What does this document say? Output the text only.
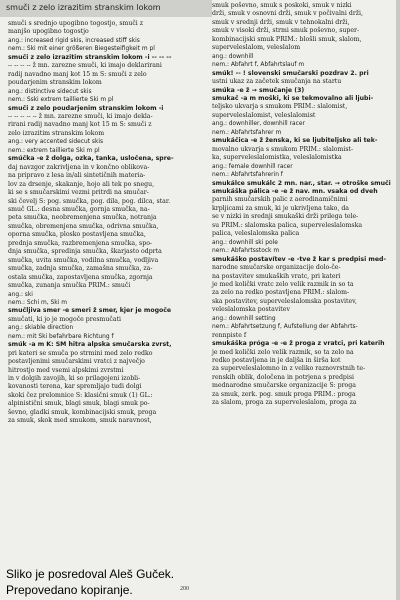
smuči z zelo izrazitim stranskim lokom
smuči s srednjo upogibno togostjo, smuči z
manjšo upogibno togostjo
ang.: increased rigid skis, increased stiff skis
nem.: Ski mit einer größeren Biegesteifigkeit m pl
smuči z zelo izrazitim stranskim lokom -i -- -- --
-- -- -- -- ž mn. zarezne smuči, ki imajo deklarirani
radij navadno manj kot 15 m S: smuči z zelo
poudarjenim stranskim lokom
ang.: distinctive sidecut skis
nem.: Sski extrem taillierte Ski m pl
smuči z zelo poudarjenim stranskim lokom -i
-- -- -- -- -- ž mn. zarezne smuči, ki imajo dekla-
rirani radij navadno manj kot 15 m S: smuči z
zelo izrazitim stranskim lokom
ang.: very accented sidecut skis
nem.: extrem taillierte Ski m pl
smúčka -e ž dolga, ozka, tanka, usločena, spre-
daj navzgor zakrivljena in v končno oblikova-
na pripravo z lesa in/ali sintetičnih materia-
lov za drsenje, skakanje, hojo ali tek po snegu,
ki se s smučarskimi vezmi pritrdi na smučar-
ski čevelj S: pog. smučka, pog. dila, pog. dilca, star.
smuč GL.: desna smučka, gornja smučka, na-
peta smučka, neobremenjena smučka, notranja
smučka, obremenjena smučka, odrivna smučka,
opornа smučka, plosko postavljena smučka,
prednja smučka, razbremenjena smučka, spo-
dnja smučka, spredinja smučka, škarjasto odprta
smučka, uvita smučka, vodilna smučka, vodljiva
smučka, zadnja smučka, zamašna smučka, za-
ostala smučka, zapostavljena smučka, zgornja
smučka, zunanja smučka PRIM.: smuči
ang.: ski
nem.: Schi m, Ski m
smučljiva smer -e smeri ž smer, kjer je mogoče
smučati, ki jo je mogoče presmučati
ang.: skiable direction
nem.: mit Ski befahrbare Richtung f
smúk -a m K: SM hitra alpska smučarska zvrst,
pri kateri se smuča po strmini med zelo redko
postavljenimi smučarskimi vratci z največjo
hitrostjo med vsemi alpskimi zvrstmi
in v dolgih zavojih, ki so prilagojeni izobli-
kovanosti terena, kar spremljajo tudi dolgi
skoki čez prelomnice S: klasični smuk (1) GL.:
alpinistični smuk, blagi smuk, blagi smuk po-
ševno, gladki smuk, kombinacijski smuk, proga
za smuk, skok med smukom, smuk naravnost,
smuk poševno, smuk s poskoki, smuk v nizki
drži, smuk v osnovni drži, smuk v počivalni drži,
smuk v srednji drži, smuk v tehnokalni drži,
smuk v visoki drži, strmi smuk poševno, super-
kombinacijski smuk PRIM.: blošli smuk, slalom,
superveleslalom, veleslalom
ang.: downhill
nem.: Abfahrt f, Abfahrtslauf m
smúk! -- ! slovenski smučarski pozdrav 2. pri
ustni ukaz za začetek smučanja na startu
smúka -e ž → smučanje (3)
smukač -a m moški, ki se tekmovalno ali ljubi-
teljsko ukvarja s smukom PRIM.: slalomist,
superveleslalomist, veleslalomist
ang.: downhiller, downhill racer
nem.: Abfahrtsfahrer m
smukáčica -e ž ženska, ki se ljubiteljsko ali tek-
movalno ukvarja s smukom PRIM.: slalomist-
ka, superveleslalomistka, veleslalomistka
ang.: female downhill racer
nem.: Abfahrtsfahrerin f
smukálce smukálc 2 mn. nar., star. → otroške smuči
smukáška pálica -e -e ž nav. mn. vsaka od dveh
parnih smučarskih palic z aerodinamičnimi
krpljicami za smuk, ki je ukrivljena tako, da
se v nizki in srednji smukaški drži prilega tele-
su PRIM.: slalomska palica, superveleslalomska
palica, veleslalomska palica
ang.: downhill ski pole
nem.: Abfahrtsstock m
smukáško postavítev -e -tve ž kar s predpisi med-
narodne smučarske organizacije dolo-če-
na postavitev smukaških vratc, pri kateri
je med količki vratc zelo velik razmik in so ta
za zelo na redko postavljena PRIM.: slalom-
ska postavitev, superveleslalomska postavitev,
veleslalomska postavitev
ang.: downhill setting
nem.: Abfahrtsetzung f, Aufstellung der Abfahrts-
rennpiste f
smukáška próga -e -e ž proga z vratci, pri katerih
je med količki zelo velik razmik, so ta zelo na
redko postavljena in je daljša in širša kot
za superveleslalomno in z veliko raznovrstnih te-
renskih oblik, določena in potrjena s predpisi
mednarodne smučarske organizacije S: proga
za smuk, zerk. pog. smuk proga PRIM.: proga
za slalom, proga za superveleslalom, proga za
200
Sliko je posredoval Aleš Guček.
Prepovedano kopiranje.
